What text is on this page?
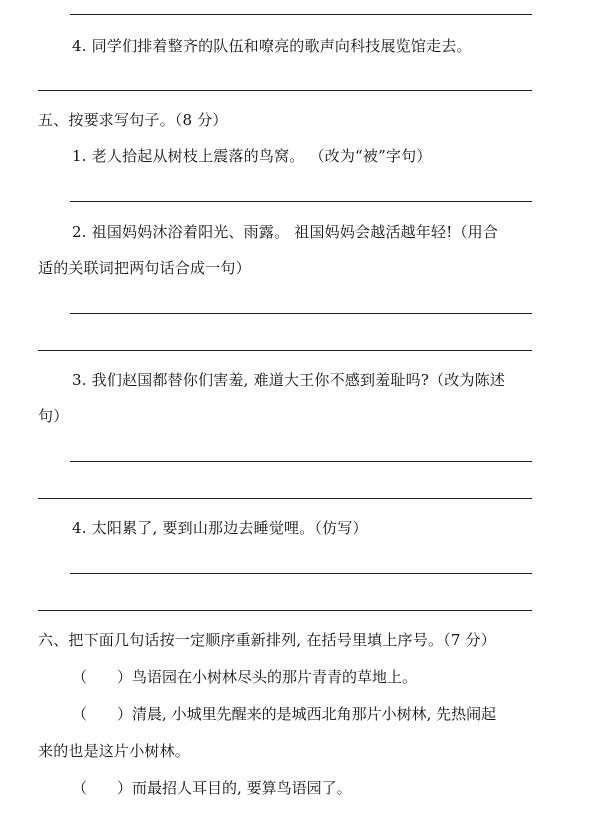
4. 同学们排着整齐的队伍和嘹亮的歌声向科技展览馆走去。
五、按要求写句子。（8 分）
1. 老人拾起从树枝上震落的鸟窝。 （改为“被”字句）
2. 祖国妈妈沐浴着阳光、雨露。 祖国妈妈会越活越年轻!（用合
适的关联词把两句话合成一句）
3. 我们赵国都替你们害羞, 难道大王你不感到羞耻吗?（改为陈述
句）
4. 太阳累了, 要到山那边去睡觉哩。（仿写）
六、把下面几句话按一定顺序重新排列, 在括号里填上序号。（7 分）
（ ）鸟语园在小树林尽头的那片青青的草地上。
（ ）清晨, 小城里先醒来的是城西北角那片小树林, 先热闹起
来的也是这片小树林。
（ ）而最招人耳目的, 要算鸟语园了。
